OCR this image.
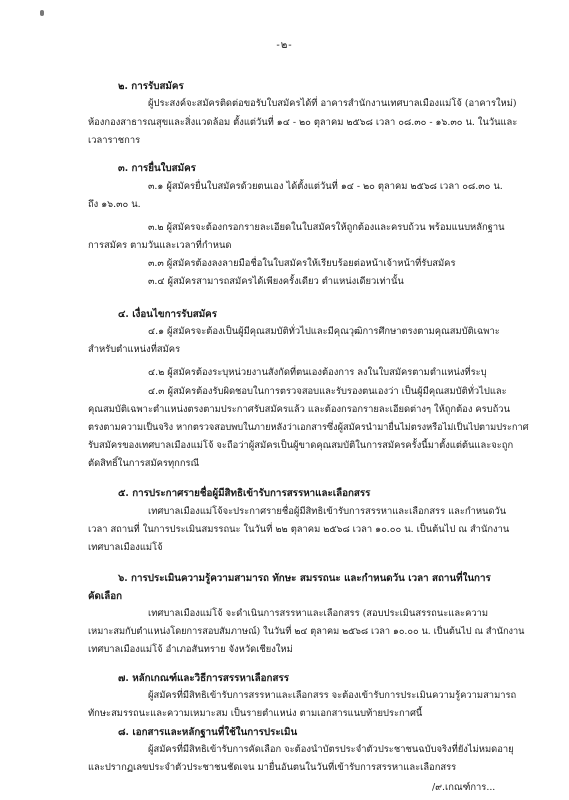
-๒-
๒. การรับสมัคร
ผู้ประสงค์จะสมัครติดต่อขอรับใบสมัครได้ที่ อาคารสำนักงานเทศบาลเมืองแม่โจ้ (อาคารใหม่)
ห้องกองสาธารณสุขและสิ่งแวดล้อม ตั้งแต่วันที่ ๑๔ - ๒๐ ตุลาคม ๒๕๖๘ เวลา ๐๘.๓๐ - ๑๖.๓๐ น. ในวันและ
เวลาราชการ
๓. การยื่นใบสมัคร
๓.๑ ผู้สมัครยื่นใบสมัครด้วยตนเอง ได้ตั้งแต่วันที่ ๑๔ - ๒๐ ตุลาคม ๒๕๖๘ เวลา ๐๘.๓๐ น.
ถึง ๑๖.๓๐ น.
๓.๒ ผู้สมัครจะต้องกรอกรายละเอียดในใบสมัครให้ถูกต้องและครบถ้วน พร้อมแนบหลักฐาน
การสมัคร ตามวันและเวลาที่กำหนด
๓.๓ ผู้สมัครต้องลงลายมือชื่อในใบสมัครให้เรียบร้อยต่อหน้าเจ้าหน้าที่รับสมัคร
๓.๔ ผู้สมัครสามารถสมัครได้เพียงครั้งเดียว ตำแหน่งเดียวเท่านั้น
๔. เงื่อนไขการรับสมัคร
๔.๑ ผู้สมัครจะต้องเป็นผู้มีคุณสมบัติทั่วไปและมีคุณวุฒิการศึกษาตรงตามคุณสมบัติเฉพาะ
สำหรับตำแหน่งที่สมัคร
๔.๒ ผู้สมัครต้องระบุหน่วยงานสังกัดที่ตนเองต้องการ ลงในใบสมัครตามตำแหน่งที่ระบุ
๔.๓ ผู้สมัครต้องรับผิดชอบในการตรวจสอบและรับรองตนเองว่า เป็นผู้มีคุณสมบัติทั่วไปและ
คุณสมบัติเฉพาะตำแหน่งตรงตามประกาศรับสมัครแล้ว และต้องกรอกรายละเอียดต่างๆ ให้ถูกต้อง ครบถ้วน
ตรงตามความเป็นจริง หากตรวจสอบพบในภายหลังว่าเอกสารซึ่งผู้สมัครนำมายื่นไม่ตรงหรือไม่เป็นไปตามประกาศ
รับสมัครของเทศบาลเมืองแม่โจ้ จะถือว่าผู้สมัครเป็นผู้ขาดคุณสมบัติในการสมัครครั้งนี้มาตั้งแต่ต้นและจะถูก
ตัดสิทธิ์ในการสมัครทุกกรณี
๕. การประกาศรายชื่อผู้มีสิทธิเข้ารับการสรรหาและเลือกสรร
เทศบาลเมืองแม่โจ้จะประกาศรายชื่อผู้มีสิทธิเข้ารับการสรรหาและเลือกสรร และกำหนดวัน
เวลา สถานที่ ในการประเมินสมรรถนะ ในวันที่ ๒๒ ตุลาคม ๒๕๖๘ เวลา ๑๐.๐๐ น. เป็นต้นไป ณ สำนักงาน
เทศบาลเมืองแม่โจ้
๖. การประเมินความรู้ความสามารถ ทักษะ สมรรถนะ และกำหนดวัน เวลา สถานที่ในการ
คัดเลือก
เทศบาลเมืองแม่โจ้ จะดำเนินการสรรหาและเลือกสรร (สอบประเมินสรรถนะและความ
เหมาะสมกับตำแหน่งโดยการสอบสัมภาษณ์) ในวันที่ ๒๔ ตุลาคม ๒๕๖๘ เวลา ๑๐.๐๐ น. เป็นต้นไป ณ สำนักงาน
เทศบาลเมืองแม่โจ้ อำเภอสันทราย จังหวัดเชียงใหม่
๗. หลักเกณฑ์และวิธีการสรรหาเลือกสรร
ผู้สมัครที่มีสิทธิเข้ารับการสรรหาและเลือกสรร จะต้องเข้ารับการประเมินความรู้ความสามารถ
ทักษะสมรรถนะและความเหมาะสม เป็นรายตำแหน่ง ตามเอกสารแนบท้ายประกาศนี้
๘. เอกสารและหลักฐานที่ใช้ในการประเมิน
ผู้สมัครที่มีสิทธิเข้ารับการคัดเลือก จะต้องนำบัตรประจำตัวประชาชนฉบับจริงที่ยังไม่หมดอายุ
และปรากฏเลขประจำตัวประชาชนชัดเจน มายื่นอันตนในวันที่เข้ารับการสรรหาและเลือกสรร
/๙.เกณฑ์การ...
